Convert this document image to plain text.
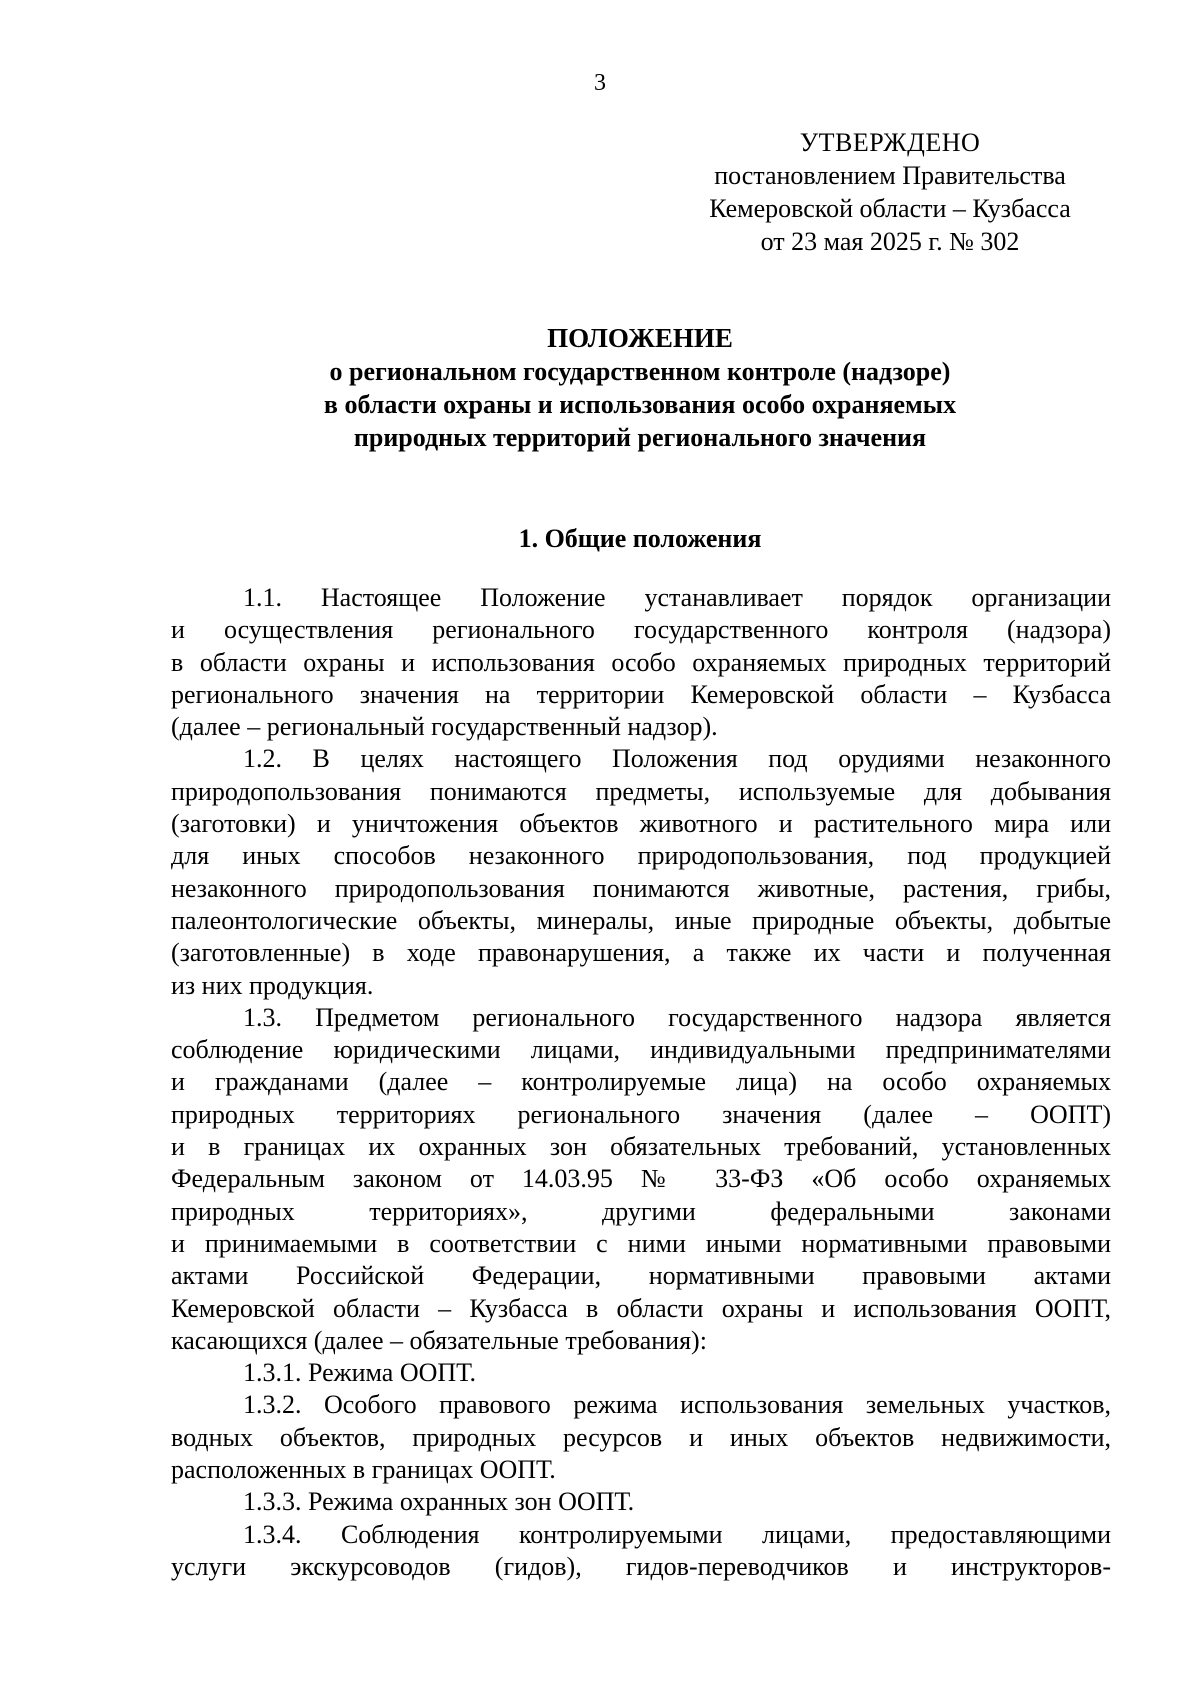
3
УТВЕРЖДЕНО
постановлением Правительства
Кемеровской области – Кузбасса
от 23 мая 2025 г. № 302
ПОЛОЖЕНИЕ
о региональном государственном контроле (надзоре)
в области охраны и использования особо охраняемых
природных территорий регионального значения
1. Общие положения
1.1. Настоящее Положение устанавливает порядок организации
и осуществления регионального государственного контроля (надзора)
в области охраны и использования особо охраняемых природных территорий
регионального значения на территории Кемеровской области – Кузбасса
(далее – региональный государственный надзор).
1.2. В целях настоящего Положения под орудиями незаконного
природопользования понимаются предметы, используемые для добывания
(заготовки) и уничтожения объектов животного и растительного мира или
для иных способов незаконного природопользования, под продукцией
незаконного природопользования понимаются животные, растения, грибы,
палеонтологические объекты, минералы, иные природные объекты, добытые
(заготовленные) в ходе правонарушения, а также их части и полученная
из них продукция.
1.3. Предметом регионального государственного надзора является
соблюдение юридическими лицами, индивидуальными предпринимателями
и гражданами (далее – контролируемые лица) на особо охраняемых
природных территориях регионального значения (далее – ООПТ)
и в границах их охранных зон обязательных требований, установленных
Федеральным законом от 14.03.95 № 33-ФЗ «Об особо охраняемых
природных территориях», другими федеральными законами
и принимаемыми в соответствии с ними иными нормативными правовыми
актами Российской Федерации, нормативными правовыми актами
Кемеровской области – Кузбасса в области охраны и использования ООПТ,
касающихся (далее – обязательные требования):
1.3.1. Режима ООПТ.
1.3.2. Особого правового режима использования земельных участков,
водных объектов, природных ресурсов и иных объектов недвижимости,
расположенных в границах ООПТ.
1.3.3. Режима охранных зон ООПТ.
1.3.4. Соблюдения контролируемыми лицами, предоставляющими
услуги экскурсоводов (гидов), гидов-переводчиков и инструкторов-
